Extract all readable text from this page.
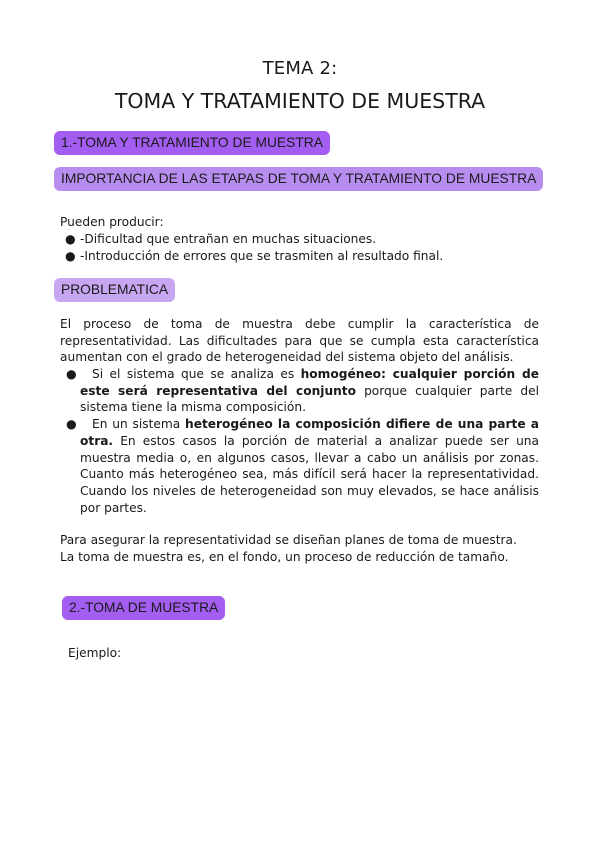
TEMA 2:
TOMA Y TRATAMIENTO DE MUESTRA
1.-TOMA Y TRATAMIENTO DE MUESTRA
IMPORTANCIA DE LAS ETAPAS DE TOMA Y TRATAMIENTO DE MUESTRA

Pueden producir:

● -Dificultad que entrañan en muchas situaciones.
● -Introducción de errores que se trasmiten al resultado final.
PROBLEMATICA

El proceso de toma de muestra debe cumplir la característica de representatividad. Las dificultades para que se cumpla esta característica aumentan con el grado de heterogeneidad del sistema objeto del análisis.

● Si el sistema que se analiza es homogéneo: cualquier porción de este será representativa del conjunto porque cualquier parte del sistema tiene la misma composición.
● En un sistema heterogéneo la composición difiere de una parte a otra. En estos casos la porción de material a analizar puede ser una muestra media o, en algunos casos, llevar a cabo un análisis por zonas. Cuanto más heterogéneo sea, más difícil será hacer la representatividad. Cuando los niveles de heterogeneidad son muy elevados, se hace análisis por partes.

Para asegurar la representatividad se diseñan planes de toma de muestra.

La toma de muestra es, en el fondo, un proceso de reducción de tamaño.

2.-TOMA DE MUESTRA

Ejemplo:
